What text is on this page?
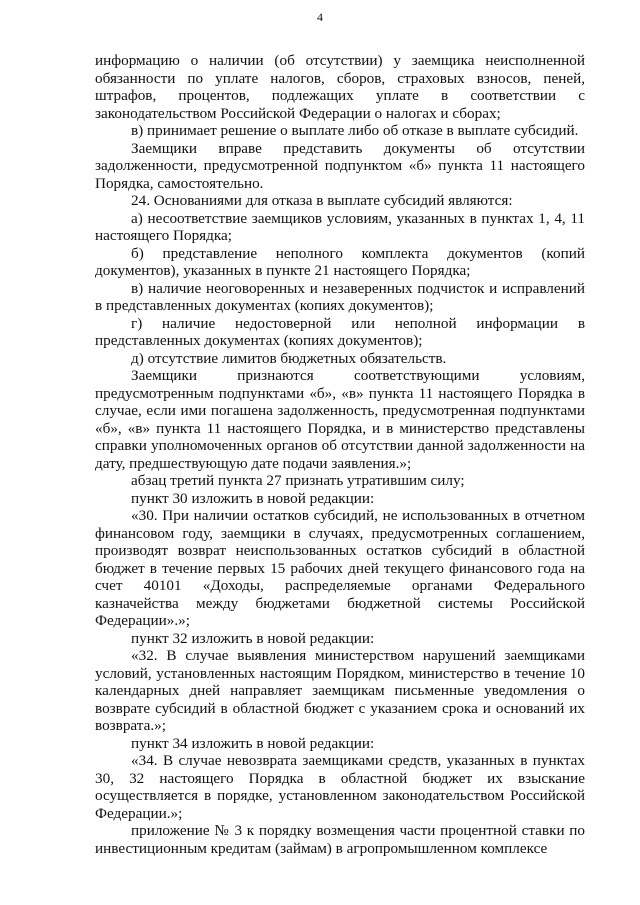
4

информацию о наличии (об отсутствии) у заемщика неисполненной обязанности по уплате налогов, сборов, страховых взносов, пеней, штрафов, процентов, подлежащих уплате в соответствии с законодательством Российской Федерации о налогах и сборах;

в) принимает решение о выплате либо об отказе в выплате субсидий.

Заемщики вправе представить документы об отсутствии задолженности, предусмотренной подпунктом «б» пункта 11 настоящего Порядка, самостоятельно.

24. Основаниями для отказа в выплате субсидий являются:

а) несоответствие заемщиков условиям, указанных в пунктах 1, 4, 11 настоящего Порядка;

б) представление неполного комплекта документов (копий документов), указанных в пункте 21 настоящего Порядка;

в) наличие неоговоренных и незаверенных подчисток и исправлений в представленных документах (копиях документов);

г) наличие недостоверной или неполной информации в представленных документах (копиях документов);

д) отсутствие лимитов бюджетных обязательств.

Заемщики признаются соответствующими условиям, предусмотренным подпунктами «б», «в» пункта 11 настоящего Порядка в случае, если ими погашена задолженность, предусмотренная подпунктами «б», «в» пункта 11 настоящего Порядка, и в министерство представлены справки уполномоченных органов об отсутствии данной задолженности на дату, предшествующую дате подачи заявления.»;

абзац третий пункта 27 признать утратившим силу;

пункт 30 изложить в новой редакции:

«30. При наличии остатков субсидий, не использованных в отчетном финансовом году, заемщики в случаях, предусмотренных соглашением, производят возврат неиспользованных остатков субсидий в областной бюджет в течение первых 15 рабочих дней текущего финансового года на счет 40101 «Доходы, распределяемые органами Федерального казначейства между бюджетами бюджетной системы Российской Федерации».»;

пункт 32 изложить в новой редакции:

«32. В случае выявления министерством нарушений заемщиками условий, установленных настоящим Порядком, министерство в течение 10 календарных дней направляет заемщикам письменные уведомления о возврате субсидий в областной бюджет с указанием срока и оснований их возврата.»;

пункт 34 изложить в новой редакции:

«34. В случае невозврата заемщиками средств, указанных в пунктах 30, 32 настоящего Порядка в областной бюджет их взыскание осуществляется в порядке, установленном законодательством Российской Федерации.»;

приложение № 3 к порядку возмещения части процентной ставки по инвестиционным кредитам (займам) в агропромышленном комплексе
